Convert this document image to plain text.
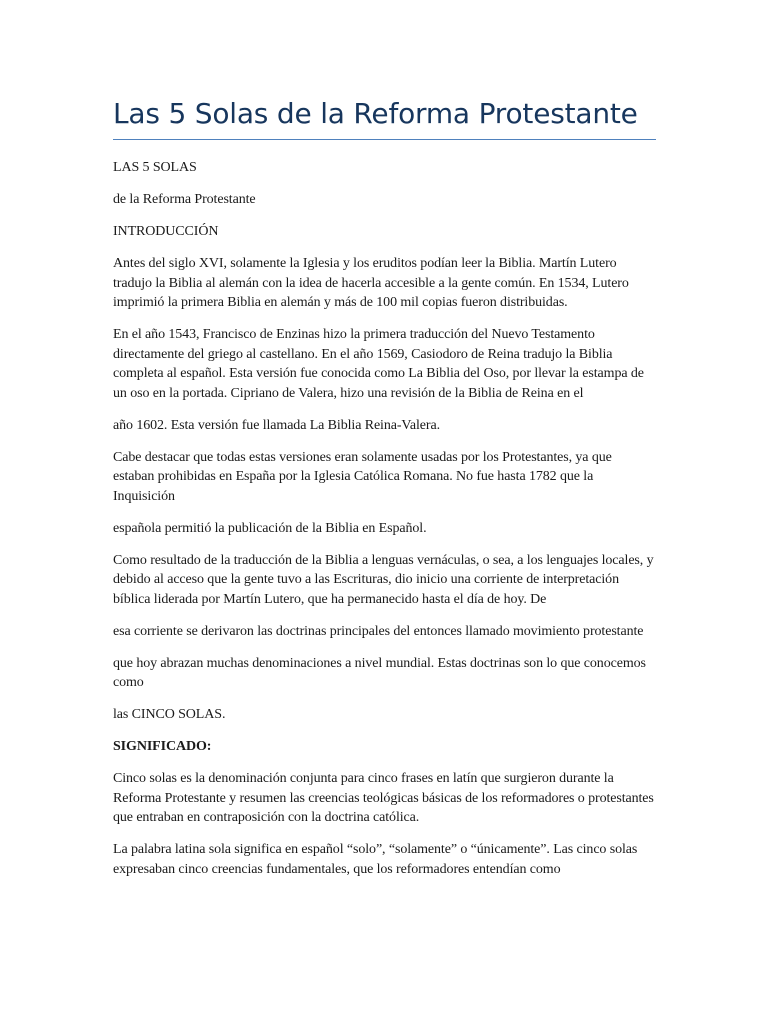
Las 5 Solas de la Reforma Protestante

LAS 5 SOLAS

de la Reforma Protestante

INTRODUCCIÓN

Antes del siglo XVI, solamente la Iglesia y los eruditos podían leer la Biblia. Martín Lutero tradujo la Biblia al alemán con la idea de hacerla accesible a la gente común. En 1534, Lutero imprimió la primera Biblia en alemán y más de 100 mil copias fueron distribuidas.

En el año 1543, Francisco de Enzinas hizo la primera traducción del Nuevo Testamento directamente del griego al castellano. En el año 1569, Casiodoro de Reina tradujo la Biblia completa al español. Esta versión fue conocida como La Biblia del Oso, por llevar la estampa de un oso en la portada. Cipriano de Valera, hizo una revisión de la Biblia de Reina en el

año 1602. Esta versión fue llamada La Biblia Reina-Valera.

Cabe destacar que todas estas versiones eran solamente usadas por los Protestantes, ya que estaban prohibidas en España por la Iglesia Católica Romana. No fue hasta 1782 que la Inquisición

española permitió la publicación de la Biblia en Español.

Como resultado de la traducción de la Biblia a lenguas vernáculas, o sea, a los lenguajes locales, y debido al acceso que la gente tuvo a las Escrituras, dio inicio una corriente de interpretación bíblica liderada por Martín Lutero, que ha permanecido hasta el día de hoy. De

esa corriente se derivaron las doctrinas principales del entonces llamado movimiento protestante

que hoy abrazan muchas denominaciones a nivel mundial. Estas doctrinas son lo que conocemos como

las CINCO SOLAS.

SIGNIFICADO:

Cinco solas es la denominación conjunta para cinco frases en latín que surgieron durante la Reforma Protestante y resumen las creencias teológicas básicas de los reformadores o protestantes que entraban en contraposición con la doctrina católica.

La palabra latina sola significa en español “solo”, “solamente” o “únicamente”. Las cinco solas expresaban cinco creencias fundamentales, que los reformadores entendían como
